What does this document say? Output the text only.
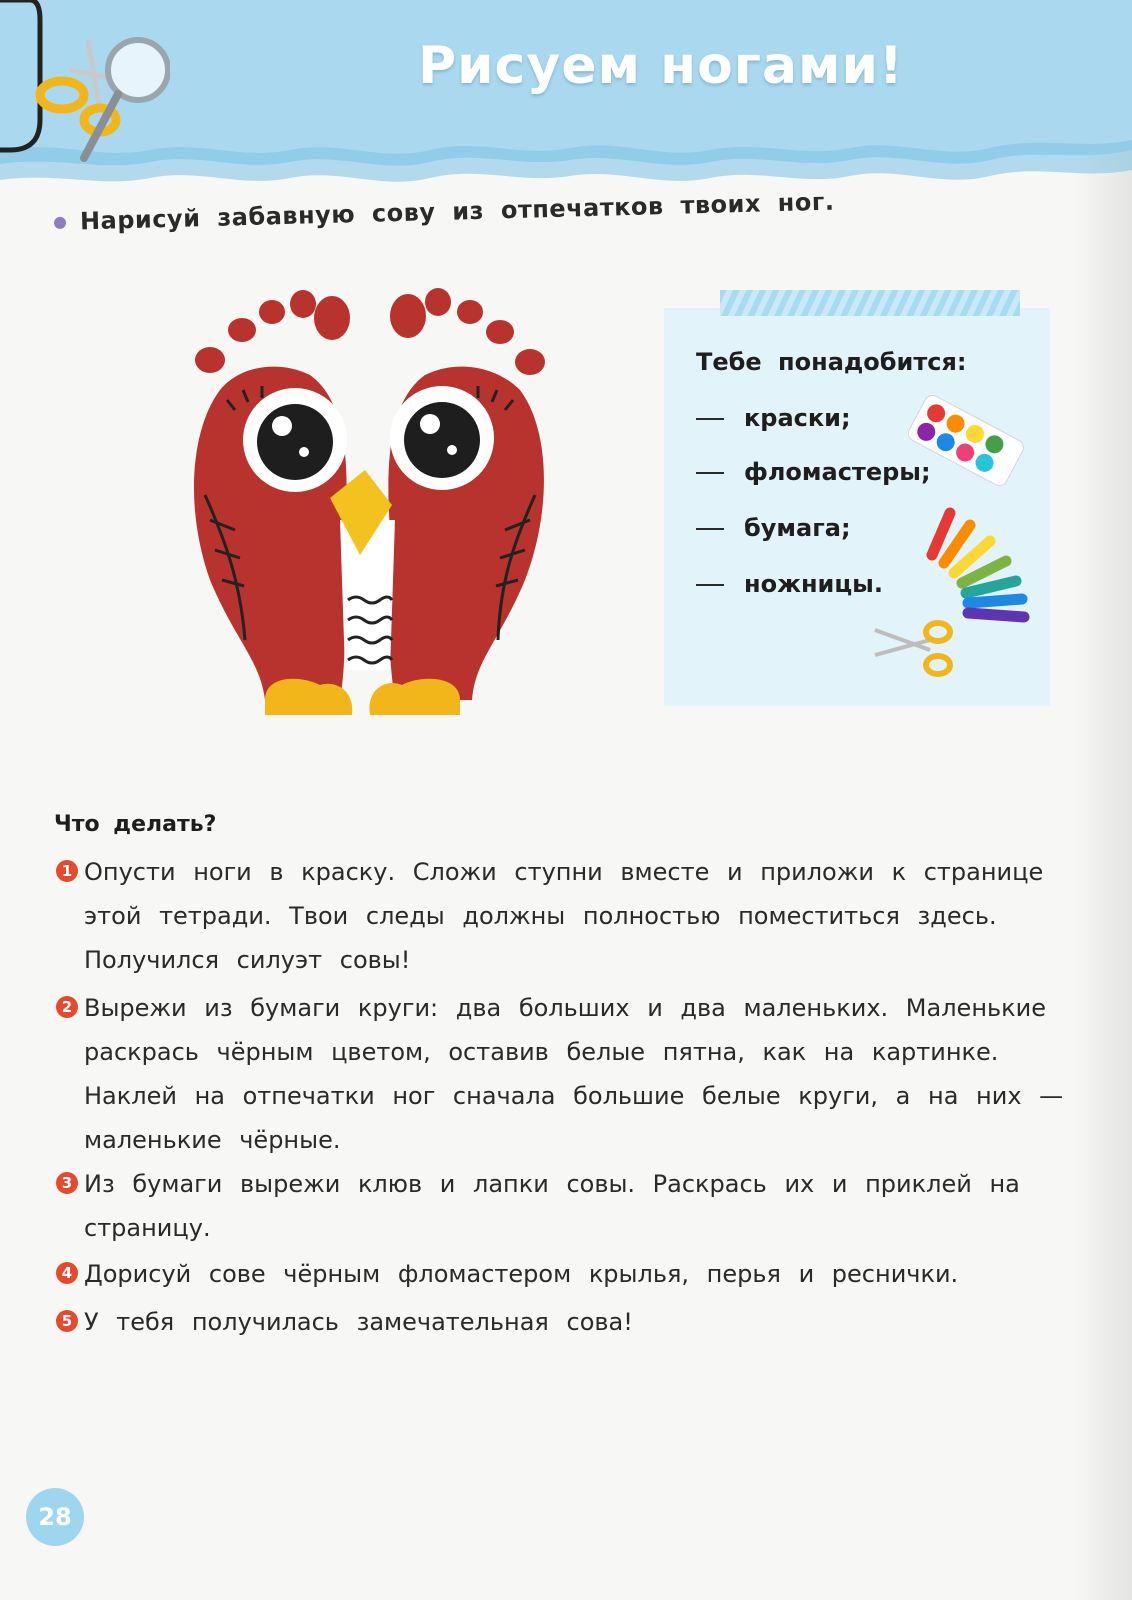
Рисуем ногами!
Нарисуй забавную сову из отпечатков твоих ног.
Тебе понадобится:
краски;
фломастеры;
бумага;
ножницы.
Что делать?
1 Опусти ноги в краску. Сложи ступни вместе и приложи к странице этой тетради. Твои следы должны полностью поместиться здесь. Получился силуэт совы!
2 Вырежи из бумаги круги: два больших и два маленьких. Маленькие раскрась чёрным цветом, оставив белые пятна, как на картинке. Наклей на отпечатки ног сначала большие белые круги, а на них — маленькие чёрные.
3 Из бумаги вырежи клюв и лапки совы. Раскрась их и приклей на страницу.
4 Дорисуй сове чёрным фломастером крылья, перья и реснички.
5 У тебя получилась замечательная сова!
28
